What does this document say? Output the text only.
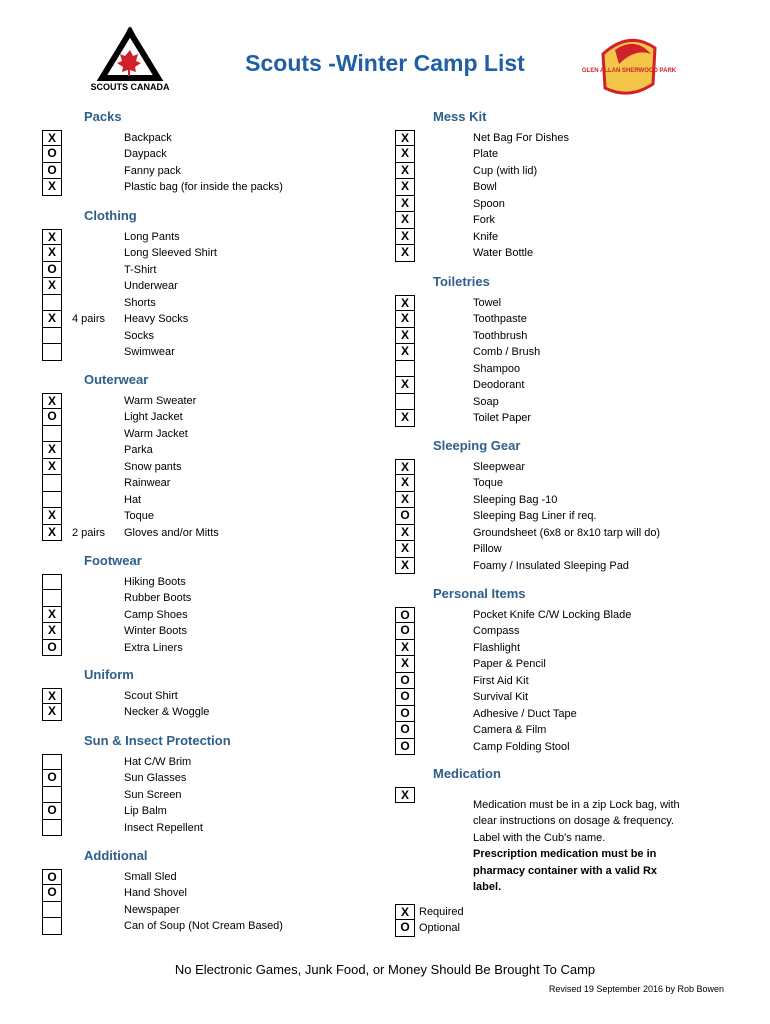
SCOUTS CANADA
GLEN ALLAN SHERWOOD PARK
Scouts -Winter Camp List
Packs
X	Backpack
O	Daypack
O	Fanny pack
X	Plastic bag (for inside the packs)
Clothing
X	Long Pants
X	Long Sleeved Shirt
O	T-Shirt
X	Underwear
Shorts
X	4 pairs Heavy Socks
Socks
Swimwear
Outerwear
X	Warm Sweater
O	Light Jacket
Warm Jacket
X	Parka
X	Snow pants
Rainwear
Hat
X	Toque
X	2 pairs Gloves and/or Mitts
Footwear
Hiking Boots
Rubber Boots
X	Camp Shoes
X	Winter Boots
O	Extra Liners
Uniform
X	Scout Shirt
X	Necker & Woggle
Sun & Insect Protection
Hat C/W Brim
O	Sun Glasses
Sun Screen
O	Lip Balm
Insect Repellent
Additional
O	Small Sled
O	Hand Shovel
Newspaper
Can of Soup (Not Cream Based)
Mess Kit
X	Net Bag For Dishes
X	Plate
X	Cup (with lid)
X	Bowl
X	Spoon
X	Fork
X	Knife
X	Water Bottle
Toiletries
X	Towel
X	Toothpaste
X	Toothbrush
X	Comb / Brush
Shampoo
X	Deodorant
Soap
X	Toilet Paper
Sleeping Gear
X	Sleepwear
X	Toque
X	Sleeping Bag -10
O	Sleeping Bag Liner if req.
X	Groundsheet (6x8 or 8x10 tarp will do)
X	Pillow
X	Foamy / Insulated Sleeping Pad
Personal Items
O	Pocket Knife C/W Locking Blade
O	Compass
X	Flashlight
X	Paper & Pencil
O	First Aid Kit
O	Survival Kit
O	Adhesive / Duct Tape
O	Camera & Film
O	Camp Folding Stool
Medication
X
Medication must be in a zip Lock bag, with clear instructions on dosage & frequency. Label with the Cub's name.
Prescription medication must be in pharmacy container with a valid Rx label.
X Required
O Optional
No Electronic Games, Junk Food, or Money Should Be Brought To Camp
Revised 19 September 2016 by Rob Bowen
